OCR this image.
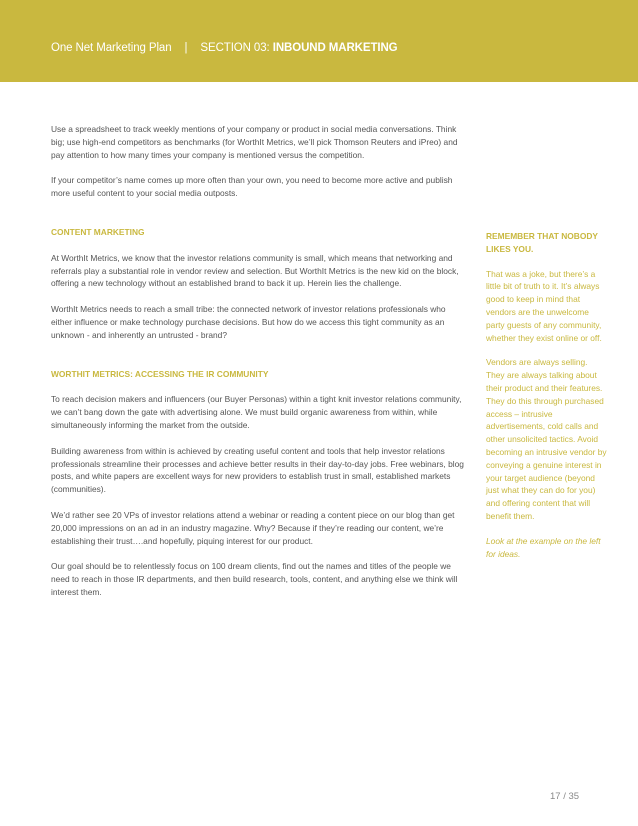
One Net Marketing Plan | SECTION 03: INBOUND MARKETING

Use a spreadsheet to track weekly mentions of your company or product in social media conversations. Think big; use high-end competitors as benchmarks (for WorthIt Metrics, we’ll pick Thomson Reuters and iPreo) and pay attention to how many times your company is mentioned versus the competition.

If your competitor’s name comes up more often than your own, you need to become more active and publish more useful content to your social media outposts.

CONTENT MARKETING

At WorthIt Metrics, we know that the investor relations community is small, which means that networking and referrals play a substantial role in vendor review and selection. But WorthIt Metrics is the new kid on the block, offering a new technology without an established brand to back it up. Herein lies the challenge.

WorthIt Metrics needs to reach a small tribe: the connected network of investor relations professionals who either influence or make technology purchase decisions. But how do we access this tight community as an unknown - and inherently an untrusted - brand?

WORTHIT METRICS: ACCESSING THE IR COMMUNITY

To reach decision makers and influencers (our Buyer Personas) within a tight knit investor relations community, we can’t bang down the gate with advertising alone. We must build organic awareness from within, while simultaneously informing the market from the outside.

Building awareness from within is achieved by creating useful content and tools that help investor relations professionals streamline their processes and achieve better results in their day-to-day jobs. Free webinars, blog posts, and white papers are excellent ways for new providers to establish trust in small, established markets (communities).

We’d rather see 20 VPs of investor relations attend a webinar or reading a content piece on our blog than get 20,000 impressions on an ad in an industry magazine. Why? Because if they’re reading our content, we’re establishing their trust….and hopefully, piquing interest for our product.

Our goal should be to relentlessly focus on 100 dream clients, find out the names and titles of the people we need to reach in those IR departments, and then build research, tools, content, and anything else we think will interest them.

REMEMBER THAT NOBODY LIKES YOU.

That was a joke, but there’s a little bit of truth to it. It’s always good to keep in mind that vendors are the unwelcome party guests of any community, whether they exist online or off.

Vendors are always selling. They are always talking about their product and their features. They do this through purchased access – intrusive advertisements, cold calls and other unsolicited tactics. Avoid becoming an intrusive vendor by conveying a genuine interest in your target audience (beyond just what they can do for you) and offering content that will benefit them.

Look at the example on the left for ideas.

17 / 35
